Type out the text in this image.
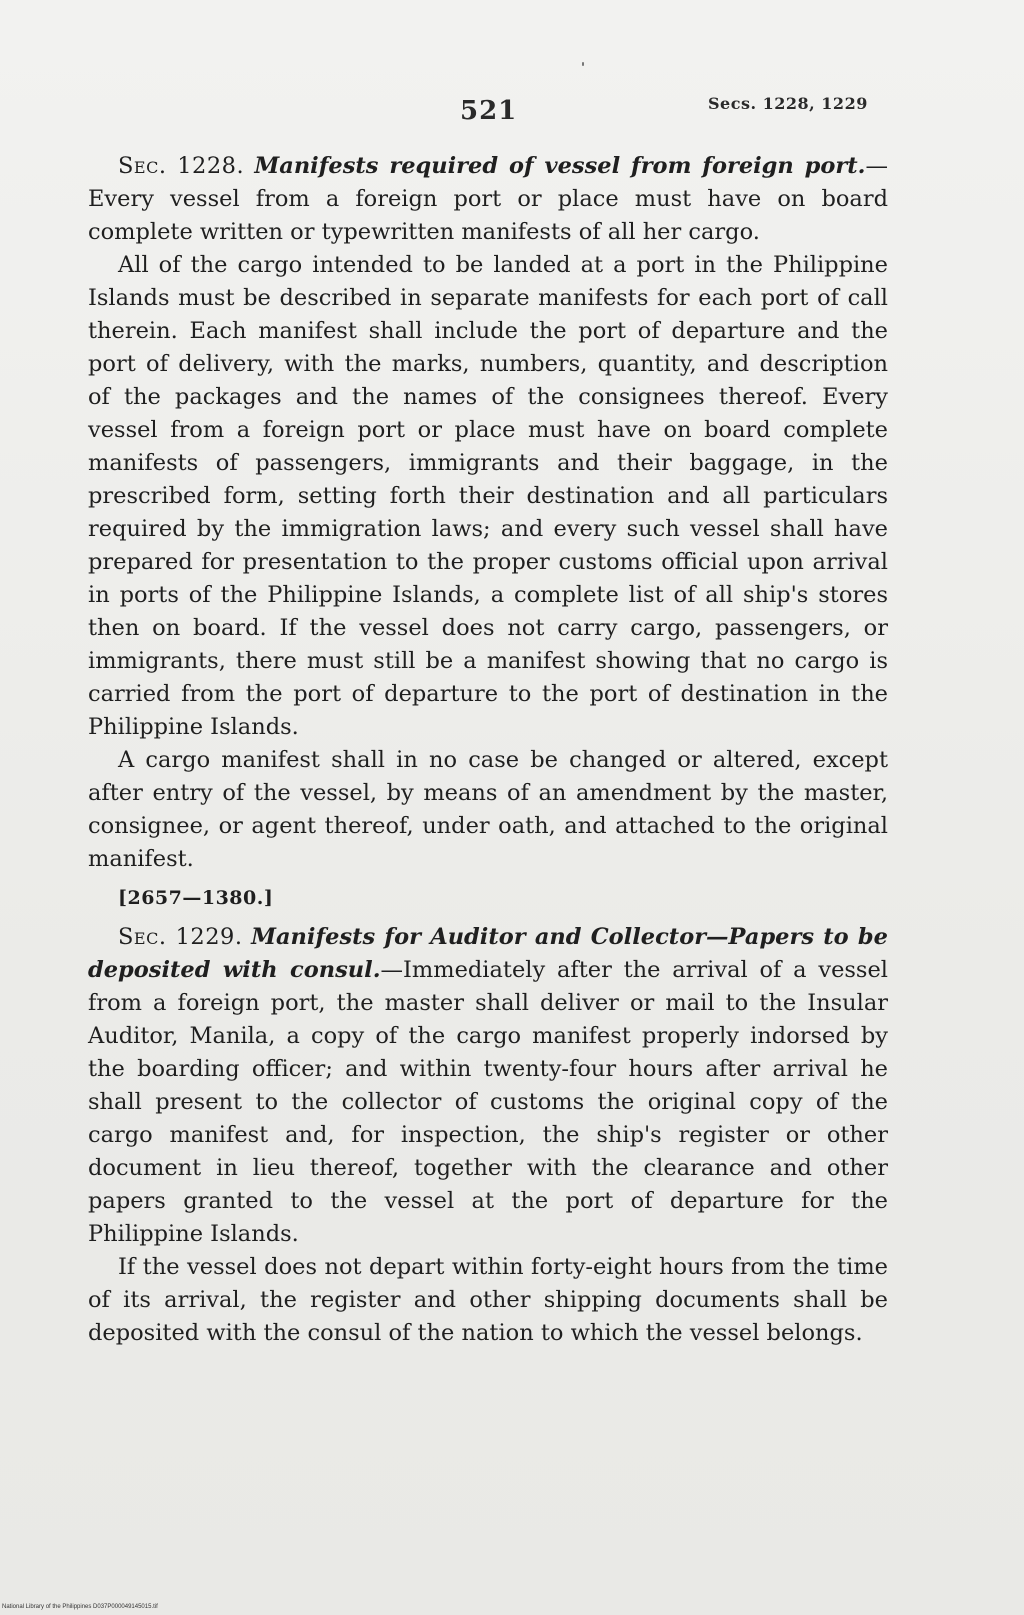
521	Secs. 1228, 1229

Sec. 1228. Manifests required of vessel from foreign port.—Every vessel from a foreign port or place must have on board complete written or typewritten manifests of all her cargo.

All of the cargo intended to be landed at a port in the Philippine Islands must be described in separate manifests for each port of call therein. Each manifest shall include the port of departure and the port of delivery, with the marks, numbers, quantity, and description of the packages and the names of the consignees thereof. Every vessel from a foreign port or place must have on board complete manifests of passengers, immigrants and their baggage, in the prescribed form, setting forth their destination and all particulars required by the immigration laws; and every such vessel shall have prepared for presentation to the proper customs official upon arrival in ports of the Philippine Islands, a complete list of all ship's stores then on board. If the vessel does not carry cargo, passengers, or immigrants, there must still be a manifest showing that no cargo is carried from the port of departure to the port of destination in the Philippine Islands.

A cargo manifest shall in no case be changed or altered, except after entry of the vessel, by means of an amendment by the master, consignee, or agent thereof, under oath, and attached to the original manifest.

[2657—1380.]

Sec. 1229. Manifests for Auditor and Collector—Papers to be deposited with consul.—Immediately after the arrival of a vessel from a foreign port, the master shall deliver or mail to the Insular Auditor, Manila, a copy of the cargo manifest properly indorsed by the boarding officer; and within twenty-four hours after arrival he shall present to the collector of customs the original copy of the cargo manifest and, for inspection, the ship's register or other document in lieu thereof, together with the clearance and other papers granted to the vessel at the port of departure for the Philippine Islands.

If the vessel does not depart within forty-eight hours from the time of its arrival, the register and other shipping documents shall be deposited with the consul of the nation to which the vessel belongs.

National Library of the Philippines D037P000049145015.tif
